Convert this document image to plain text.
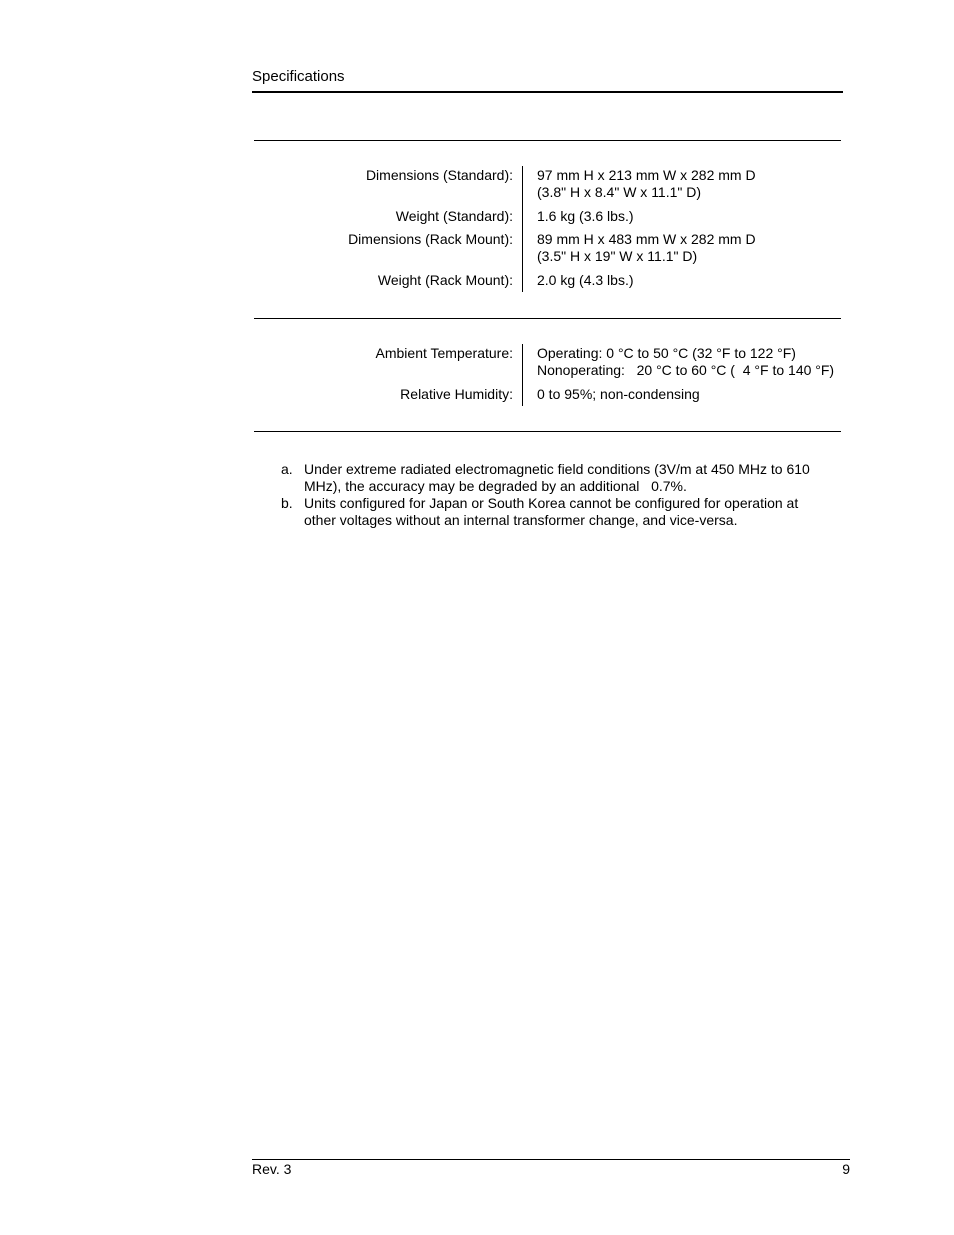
Specifications
Dimensions (Standard): 97 mm H x 213 mm W x 282 mm D
(3.8" H x 8.4" W x 11.1" D)
Weight (Standard): 1.6 kg (3.6 lbs.)
Dimensions (Rack Mount): 89 mm H x 483 mm W x 282 mm D
(3.5" H x 19" W x 11.1" D)
Weight (Rack Mount): 2.0 kg (4.3 lbs.)
Ambient Temperature: Operating: 0 °C to 50 °C (32 °F to 122 °F)
Nonoperating:   20 °C to 60 °C (  4 °F to 140 °F)
Relative Humidity: 0 to 95%; non-condensing
a. Under extreme radiated electromagnetic field conditions (3V/m at 450 MHz to 610 MHz), the accuracy may be degraded by an additional   0.7%.
b. Units configured for Japan or South Korea cannot be configured for operation at other voltages without an internal transformer change, and vice-versa.
Rev. 3	9
